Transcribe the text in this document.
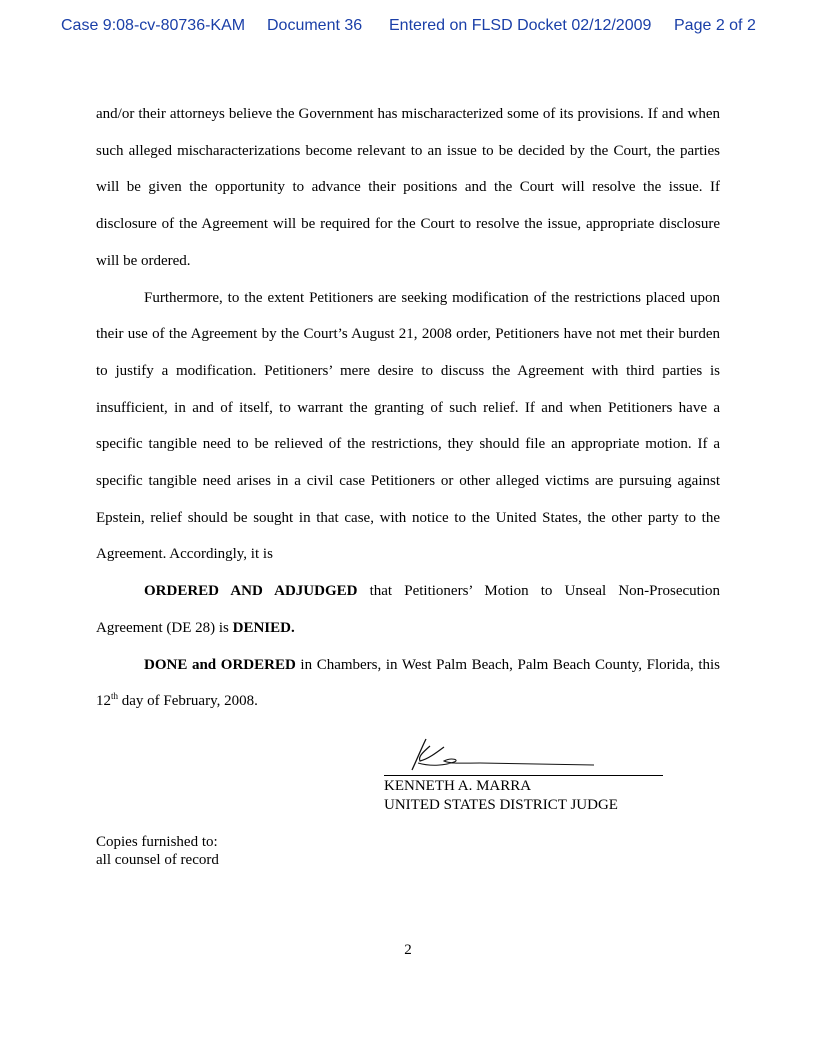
Case 9:08-cv-80736-KAM Document 36 Entered on FLSD Docket 02/12/2009 Page 2 of 2

and/or their attorneys believe the Government has mischaracterized some of its provisions. If and when such alleged mischaracterizations become relevant to an issue to be decided by the Court, the parties will be given the opportunity to advance their positions and the Court will resolve the issue. If disclosure of the Agreement will be required for the Court to resolve the issue, appropriate disclosure will be ordered.

Furthermore, to the extent Petitioners are seeking modification of the restrictions placed upon their use of the Agreement by the Court’s August 21, 2008 order, Petitioners have not met their burden to justify a modification. Petitioners’ mere desire to discuss the Agreement with third parties is insufficient, in and of itself, to warrant the granting of such relief. If and when Petitioners have a specific tangible need to be relieved of the restrictions, they should file an appropriate motion. If a specific tangible need arises in a civil case Petitioners or other alleged victims are pursuing against Epstein, relief should be sought in that case, with notice to the United States, the other party to the Agreement. Accordingly, it is

ORDERED AND ADJUDGED that Petitioners’ Motion to Unseal Non-Prosecution Agreement (DE 28) is DENIED.

DONE and ORDERED in Chambers, in West Palm Beach, Palm Beach County, Florida, this 12th day of February, 2008.

KENNETH A. MARRA
UNITED STATES DISTRICT JUDGE
Copies furnished to:
all counsel of record
2
